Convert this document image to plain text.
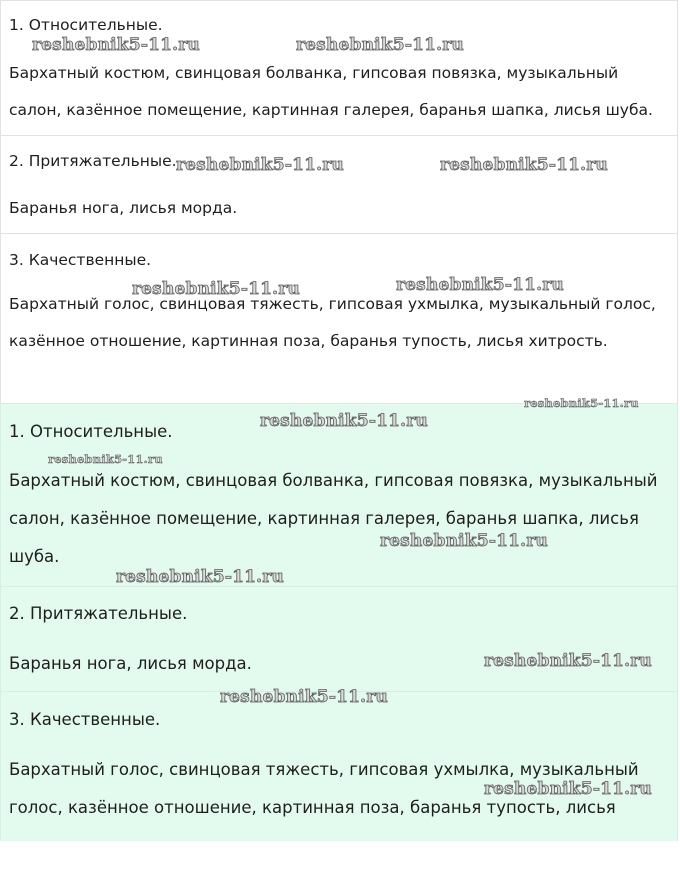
1. Относительные.

Бархатный костюм, свинцовая болванка, гипсовая повязка, музыкальный салон, казённое помещение, картинная галерея, баранья шапка, лисья шуба.

2. Притяжательные.

Баранья нога, лисья морда.

3. Качественные.

Бархатный голос, свинцовая тяжесть, гипсовая ухмылка, музыкальный голос, казённое отношение, картинная поза, баранья тупость, лисья хитрость.

1. Относительные.

Бархатный костюм, свинцовая болванка, гипсовая повязка, музыкальный салон, казённое помещение, картинная галерея, баранья шапка, лисья шуба.

2. Притяжательные.

Баранья нога, лисья морда.

3. Качественные.

Бархатный голос, свинцовая тяжесть, гипсовая ухмылка, музыкальный голос, казённое отношение, картинная поза, баранья тупость, лисья

reshebnik5-11.ru	reshebnik5-11.ru
reshebnik5-11.ru	reshebnik5-11.ru
reshebnik5-11.ru	reshebnik5-11.ru
reshebnik5-11.ru
reshebnik5-11.ru
reshebnik5-11.ru
reshebnik5-11.ru
reshebnik5-11.ru
reshebnik5-11.ru
reshebnik5-11.ru
reshebnik5-11.ru
